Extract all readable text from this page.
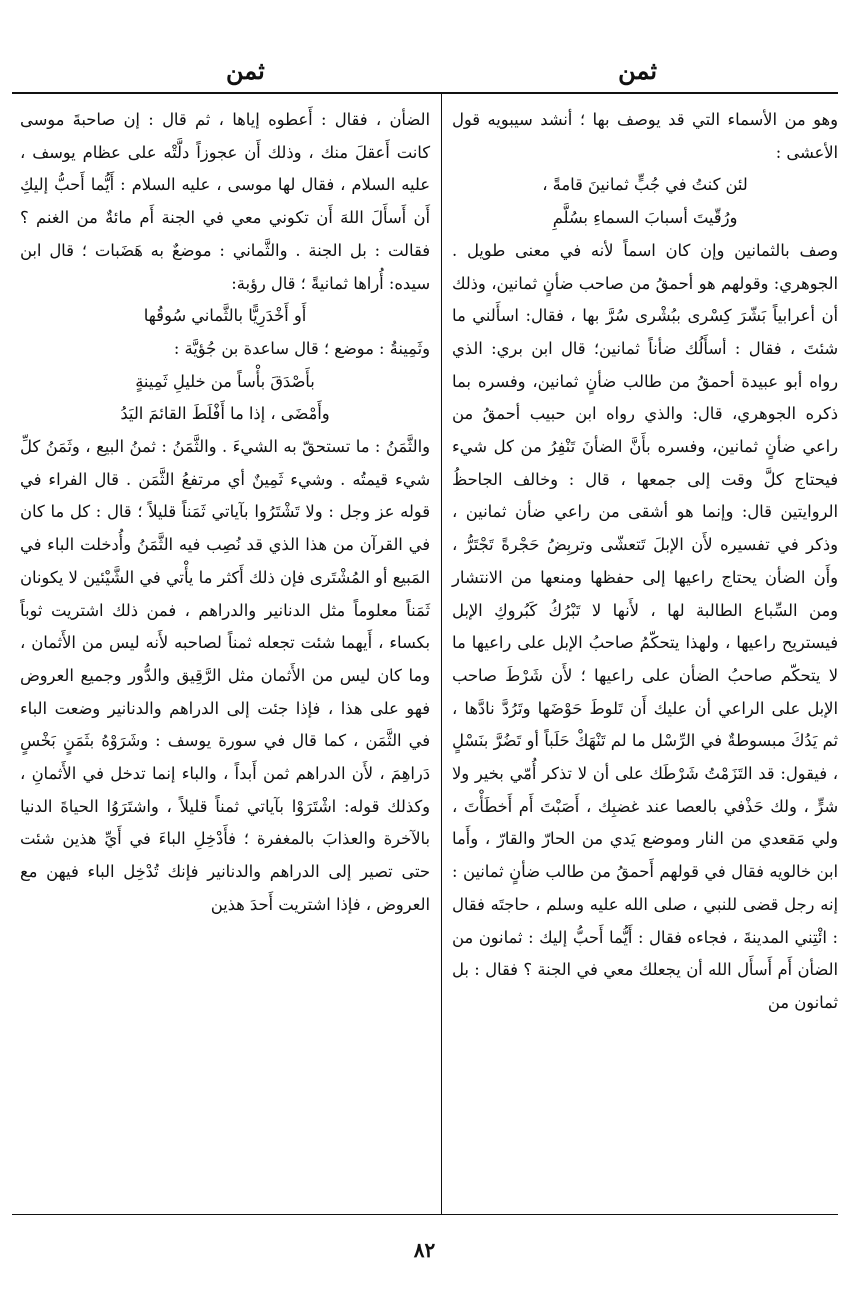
ثمن
ثمن

وهو من الأسماء التي قد يوصف بها ؛ أنشد سيبويه قول الأعشى :

لئن كنتُ في جُبٍّ ثمانينَ قامةً ،

ورُقّيتَ أسبابَ السماءِ بسُلَّمِ

وصف بالثمانين وإن كان اسماً لأنه في معنى طويل . الجوهري: وقولهم هو أحمقُ من صاحب ضأنٍ ثمانين، وذلك أن أعرابياً بَشّرَ كِسْرى ببُشْرى سُرَّ بها ، فقال: اسأَلني ما شئتَ ، فقال : أسأَلُك ضأناً ثمانين؛ قال ابن بري: الذي رواه أبو عبيدة أحمقُ من طالب ضأنٍ ثمانين، وفسره بما ذكره الجوهري، قال: والذي رواه ابن حبيب أحمقُ من راعي ضأنٍ ثمانين، وفسره بأَنَّ الضأنَ تَنْفِرُ من كل شيء فيحتاج كلَّ وقت إلى جمعها ، قال : وخالف الجاحظُ الروايتين قال: وإنما هو أشقى من راعي ضأن ثمانين ، وذكر في تفسيره لأَن الإبلَ تَتعشّى وتربِضُ حَجْرةً تَجْتَرُّ ، وأَن الضأن يحتاج راعيها إلى حفظها ومنعها من الانتشار ومن السِّباع الطالبة لها ، لأَنها لا تَبْرُكُ كَبُروكِ الإبل فيستريح راعيها ، ولهذا يتحكّمُ صاحبُ الإبل على راعيها ما لا يتحكّم صاحبُ الضأن على راعيها ؛ لأَن شَرْطَ صاحب الإبل على الراعي أن عليك أَن تَلوطَ حَوْضَها وتَرُدَّ نادَّها ، ثم يَدُكَ مبسوطةٌ في الرِّسْل ما لم تَنْهَكْ حَلَباً أو تَضُرَّ بنَسْلٍ ، فيقول: قد التَزَمْتُ شَرْطَك على أن لا تذكر أُمّي بخير ولا شرٍّ ، ولك حَذْفي بالعصا عند غضبِك ، أَصَبْتَ أَم أَخطَأْتَ ، ولي مَقعدي من النار وموضع يَدي من الحارّ والقارّ ، وأَما ابن خالويه فقال في قولهم أَحمقُ من طالب ضأنٍ ثمانين : إنه رجل قضى للنبي ، صلى الله عليه وسلم ، حاجتَه فقال : ائْتِني المدينةَ ، فجاءه فقال : أَيُّما أَحبُّ إليك : ثمانون من الضأن أَم أَسأَل الله أن يجعلك معي في الجنة ؟ فقال : بل ثمانون من

الضأن ، فقال : أَعطوه إياها ، ثم قال : إن صاحبةَ موسى كانت أَعقلَ منك ، وذلك أَن عجوزاً دلَّتْه على عظام يوسف ، عليه السلام ، فقال لها موسى ، عليه السلام : أَيُّما أَحبُّ إليكِ أَن أَسأَلَ اللهَ أَن تكوني معي في الجنة أَم مائةٌ من الغنم ؟ فقالت : بل الجنة . والثَّماني : موضعٌ به هَضَبات ؛ قال ابن سيده: أُراها ثمانيةً ؛ قال رؤبة:

أَو أَخْدَرِيًّا بالثَّماني سُوقُها

وثَمِينةُ : موضع ؛ قال ساعدة بن جُؤيَّة :

بأَصْدَقَ بأْساً من خليلِ ثَمِينةٍ

وأَمْضَى ، إذا ما أَفْلَطَ القائمَ اليَدُ

والثَّمَنُ : ما تستحقّ به الشيءَ . والثَّمَنُ : ثمنُ البيع ، وثَمَنُ كلِّ شيء قيمتُه . وشيء ثَمِينٌ أي مرتفعُ الثَّمَن . قال الفراء في قوله عز وجل : ولا تَشْتَرُوا بآياتي ثَمَناً قليلاً ؛ قال : كل ما كان في القرآن من هذا الذي قد نُصِب فيه الثَّمَنُ وأُدخلت الباء في المَبيع أو المُشْتَرى فإن ذلك أَكثر ما يأْتي في الشَّيْئين لا يكونان ثَمَناً معلوماً مثل الدنانير والدراهم ، فمن ذلك اشتريت ثوباً بكساء ، أَيهما شئت تجعله ثمناً لصاحبه لأَنه ليس من الأَثمان ، وما كان ليس من الأَثمان مثل الرَّقِيق والدُّور وجميع العروض فهو على هذا ، فإذا جئت إلى الدراهم والدنانير وضعت الباء في الثَّمَن ، كما قال في سورة يوسف : وشَرَوْهُ بثَمَنٍ بَخْسٍ دَراهِمَ ، لأَن الدراهم ثمن أَبداً ، والباء إنما تدخل في الأَثمانِ ، وكذلك قوله: اشْتَرَوْا بآياتي ثمناً قليلاً ، واشتَرَوُا الحياةَ الدنيا بالآخرة والعذابَ بالمغفرة ؛ فأَدْخِلِ الباءَ في أَيِّ هذين شئت حتى تصير إلى الدراهم والدنانير فإنك تُدْخِل الباء فيهن مع العروض ، فإذا اشتريت أَحدَ هذين

٨٢
